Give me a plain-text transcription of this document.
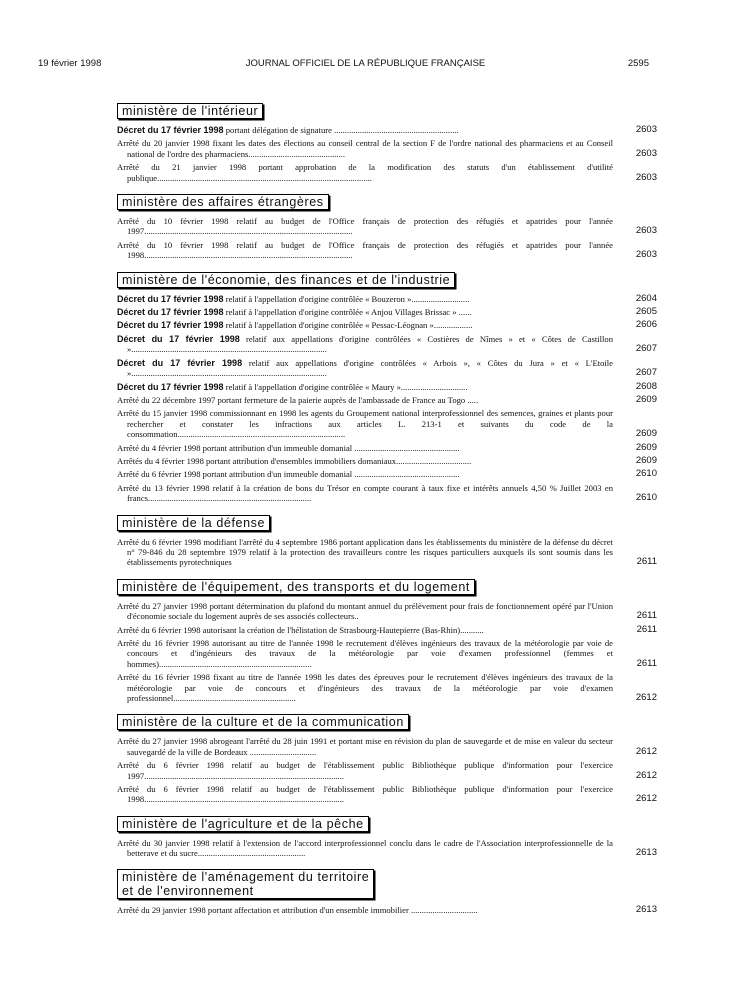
19 février 1998	JOURNAL OFFICIEL DE LA RÉPUBLIQUE FRANÇAISE	2595
ministère de l'intérieur
Décret du 17 février 1998 portant délégation de signature ..........................................................	2603
Arrêté du 20 janvier 1998 fixant les dates des élections au conseil central de la section F de l'ordre national des pharmaciens et au Conseil national de l'ordre des pharmaciens.............................................	2603
Arrêté du 21 janvier 1998 portant approbation de la modification des statuts d'un établissement d'utilité publique....................................................................................................	2603
ministère des affaires étrangères
Arrêté du 10 février 1998 relatif au budget de l'Office français de protection des réfugiés et apatrides pour l'année 1997.................................................................................................	2603
Arrêté du 10 février 1998 relatif au budget de l'Office français de protection des réfugiés et apatrides pour l'année 1998.................................................................................................	2603
ministère de l'économie, des finances et de l'industrie
Décret du 17 février 1998 relatif à l'appellation d'origine contrôlée « Bouzeron »...........................	2604
Décret du 17 février 1998 relatif à l'appellation d'origine contrôlée « Anjou Villages Brissac » ......	2605
Décret du 17 février 1998 relatif à l'appellation d'origine contrôlée « Pessac-Léognan »..................	2606
Décret du 17 février 1998 relatif aux appellations d'origine contrôlées « Costières de Nîmes » et « Côtes de Castillon »...........................................................................................	2607
Décret du 17 février 1998 relatif aux appellations d'origine contrôlées « Arbois », « Côtes du Jura » et « L'Etoile »...........................................................................................	2607
Décret du 17 février 1998 relatif à l'appellation d'origine contrôlée « Maury »...............................	2608
Arrêté du 22 décembre 1997 portant fermeture de la paierie auprès de l'ambassade de France au Togo .....	2609
Arrêté du 15 janvier 1998 commissionnant en 1998 les agents du Groupement national interprofessionnel des semences, graines et plants pour rechercher et constater les infractions aux articles L. 213-1 et suivants du code de la consommation..............................................................................	2609
Arrêté du 4 février 1998 portant attribution d'un immeuble domanial .................................................	2609
Arrêtés du 4 février 1998 portant attribution d'ensembles immobiliers domaniaux...................................	2609
Arrêté du 6 février 1998 portant attribution d'un immeuble domanial .................................................	2610
Arrêté du 13 février 1998 relatif à la création de bons du Trésor en compte courant à taux fixe et intérêts annuels 4,50 % Juillet 2003 en francs............................................................................	2610
ministère de la défense
Arrêté du 6 février 1998 modifiant l'arrêté du 4 septembre 1986 portant application dans les établissements du ministère de la défense du décret n° 79-846 du 28 septembre 1979 relatif à la protection des travailleurs contre les risques particuliers auxquels ils sont soumis dans les établissements pyrotechniques	2611
ministère de l'équipement, des transports et du logement
Arrêté du 27 janvier 1998 portant détermination du plafond du montant annuel du prélèvement pour frais de fonctionnement opéré par l'Union d'économie sociale du logement auprès de ses associés collecteurs..	2611
Arrêté du 6 février 1998 autorisant la création de l'hélistation de Strasbourg-Hautepierre (Bas-Rhin)...........	2611
Arrêté du 16 février 1998 autorisant au titre de l'année 1998 le recrutement d'élèves ingénieurs des travaux de la météorologie par voie de concours et d'ingénieurs des travaux de la météorologie par voie d'examen professionnel (femmes et hommes).......................................................................	2611
Arrêté du 16 février 1998 fixant au titre de l'année 1998 les dates des épreuves pour le recrutement d'élèves ingénieurs des travaux de la météorologie par voie de concours et d'ingénieurs des travaux de la météorologie par voie d'examen professionnel.........................................................	2612
ministère de la culture et de la communication
Arrêté du 27 janvier 1998 abrogeant l'arrêté du 28 juin 1991 et portant mise en révision du plan de sauvegarde et de mise en valeur du secteur sauvegardé de la ville de Bordeaux ...............................	2612
Arrêté du 6 février 1998 relatif au budget de l'établissement public Bibliothèque publique d'information pour l'exercice 1997.............................................................................................	2612
Arrêté du 6 février 1998 relatif au budget de l'établissement public Bibliothèque publique d'information pour l'exercice 1998.............................................................................................	2612
ministère de l'agriculture et de la pêche
Arrêté du 30 janvier 1998 relatif à l'extension de l'accord interprofessionnel conclu dans le cadre de l'Association interprofessionnelle de la betterave et du sucre..................................................	2613
ministère de l'aménagement du territoire
et de l'environnement
Arrêté du 29 janvier 1998 portant affectation et attribution d'un ensemble immobilier ...............................	2613
